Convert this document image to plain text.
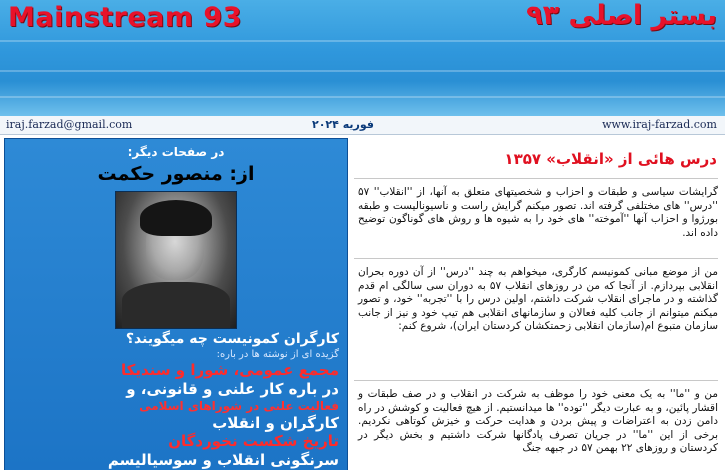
Mainstream 93	بستر اصلی ۹۳
iraj.farzad@gmail.com	فوریه ۲۰۲۴	www.iraj-farzad.com
در صفحات دیگر:
از: منصور حکمت
کارگران کمونیست چه میگویند؟
گزیده ای از نوشته ها در باره:
مجمع عمومی، شورا و سندیکا
در باره کار علنی و قانونی، و
فعالیت علنی در شوراهای اسلامی
کارگران و انقلاب
تاریخ شکست نخوردگان
سرنگونی انقلاب و سوسیالیسم
درس هائی از «انقلاب» ۱۳۵۷
گرایشات سیاسی و طبقات و احزاب و شخصیتهای متعلق به آنها، از ''انقلاب'' ۵۷ ''درس'' های مختلفی گرفته اند. تصور میکنم گرایش راست و ناسیونالیست و طبقه بورژوا و احزاب آنها ''آموخته'' های خود را به شیوه ها و روش های گوناگون توضیح داده اند.
من از موضع مبانی کمونیسم کارگری، میخواهم به چند ''درس'' از آن دوره بحران انقلابی بپردازم. از آنجا که من در روزهای انقلاب ۵۷ به دوران سی سالگی ام قدم گذاشته و در ماجرای انقلاب شرکت داشتم، اولین درس را با ''تجربه'' خود، و تصور میکنم میتوانم از جانب کلیه فعالان و سازمانهای انقلابی هم تیپ خود و نیز از جانب سازمان متبوع ام(سازمان انقلابی زحمتکشان کردستان ایران)، شروع کنم:
من و ''ما'' به یک معنی خود را موظف به شرکت در انقلاب و در صف طبقات و اقشار پائین، و به عبارت دیگر ''توده'' ها میدانستیم. از هیچ فعالیت و کوشش در راه دامن زدن به اعتراضات و پیش بردن و هدایت حرکت و خیزش کوتاهی نکردیم. برخی از این ''ما'' در جریان تصرف پادگانها شرکت داشتیم و بخش دیگر در کردستان و روزهای ۲۲ بهمن ۵۷ در جبهه جنگ
